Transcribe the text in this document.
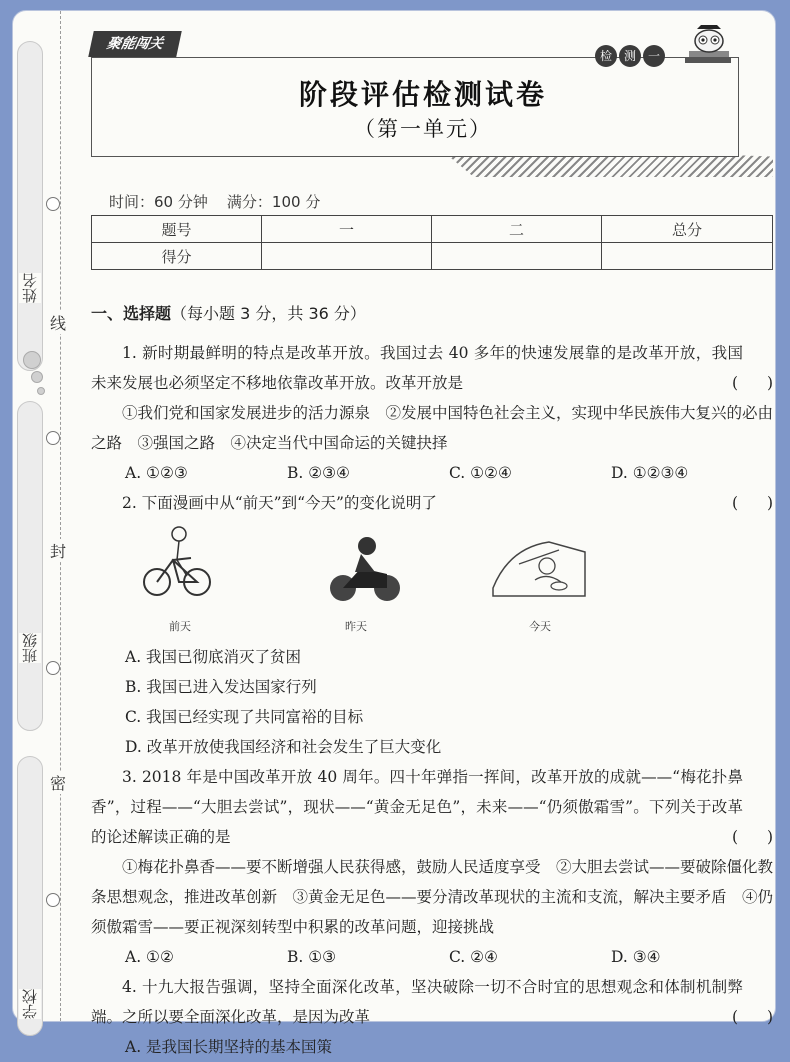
姓名
班级
学校
线
封
密
聚能闯关
阶段评估检测试卷
（第一单元）
检 测 一
时间：60 分钟    满分：100 分
题号	一	二	总分
得分			
一、选择题（每小题 3 分，共 36 分）
1. 新时期最鲜明的特点是改革开放。我国过去 40 多年的快速发展靠的是改革开放，我国未来发展也必须坚定不移地依靠改革开放。改革开放是	( )
①我们党和国家发展进步的活力源泉　②发展中国特色社会主义，实现中华民族伟大复兴的必由之路　③强国之路　④决定当代中国命运的关键抉择
A. ①②③	B. ②③④	C. ①②④	D. ①②③④
2. 下面漫画中从“前天”到“今天”的变化说明了	( )
前天	昨天	今天
A. 我国已彻底消灭了贫困
B. 我国已进入发达国家行列
C. 我国已经实现了共同富裕的目标
D. 改革开放使我国经济和社会发生了巨大变化
3. 2018 年是中国改革开放 40 周年。四十年弹指一挥间，改革开放的成就——“梅花扑鼻香”，过程——“大胆去尝试”，现状——“黄金无足色”，未来——“仍须傲霜雪”。下列关于改革的论述解读正确的是	( )
①梅花扑鼻香——要不断增强人民获得感，鼓励人民适度享受　②大胆去尝试——要破除僵化教条思想观念，推进改革创新　③黄金无足色——要分清改革现状的主流和支流，解决主要矛盾　④仍须傲霜雪——要正视深刻转型中积累的改革问题，迎接挑战
A. ①②	B. ①③	C. ②④	D. ③④
4. 十九大报告强调，坚持全面深化改革，坚决破除一切不合时宜的思想观念和体制机制弊端。之所以要全面深化改革，是因为改革	( )
A. 是我国长期坚持的基本国策
